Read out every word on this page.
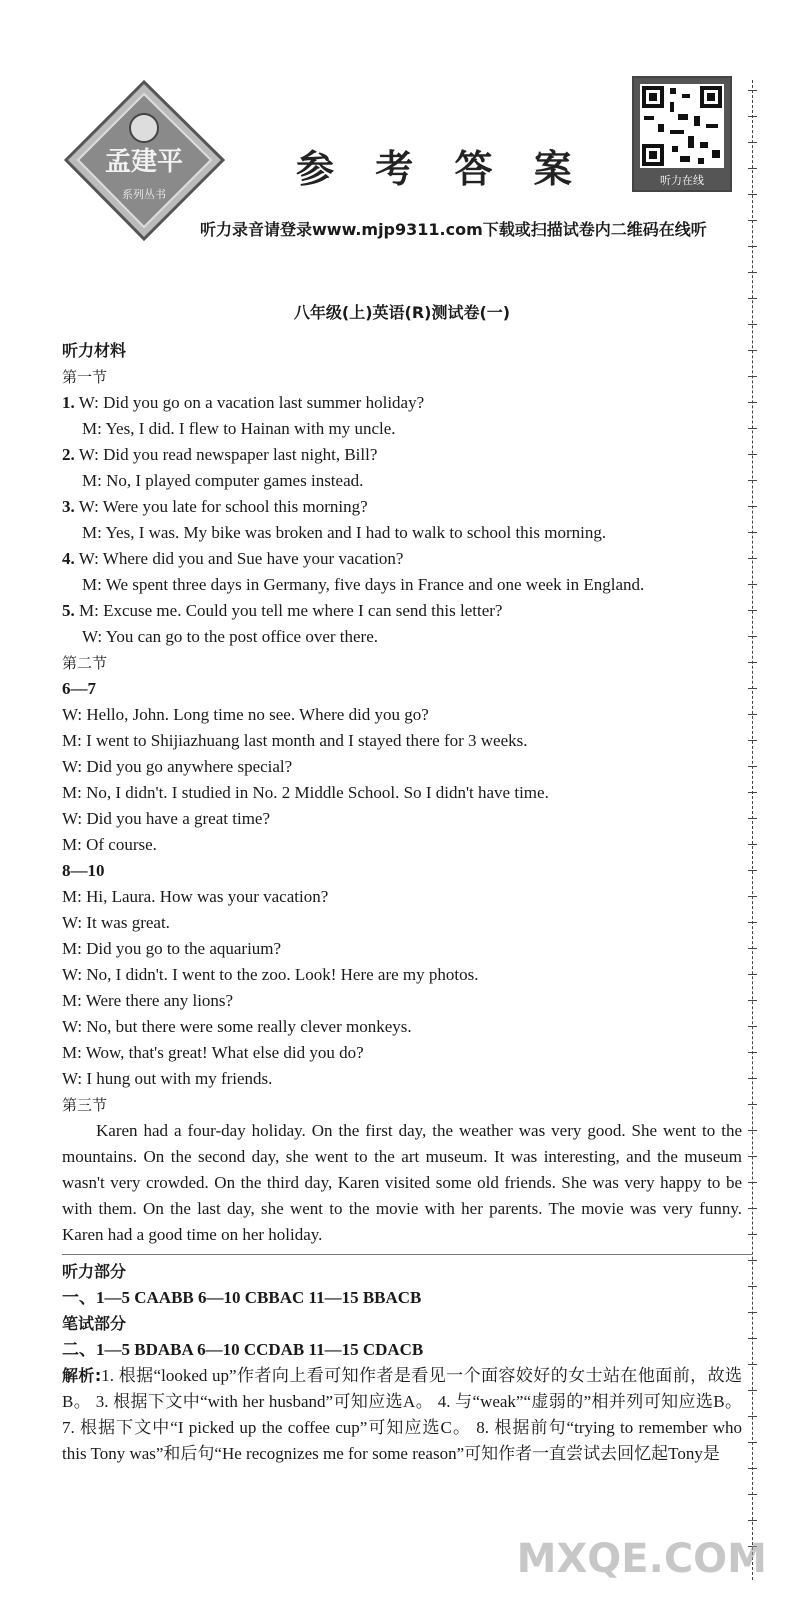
孟建平
系列丛书
参 考 答 案	听力在线
听力录音请登录www.mjp9311.com下载或扫描试卷内二维码在线听
八年级(上)英语(R)测试卷(一)
听力材料
第一节
1. W: Did you go on a vacation last summer holiday?
M: Yes, I did. I flew to Hainan with my uncle.
2. W: Did you read newspaper last night, Bill?
M: No, I played computer games instead.
3. W: Were you late for school this morning?
M: Yes, I was. My bike was broken and I had to walk to school this morning.
4. W: Where did you and Sue have your vacation?
M: We spent three days in Germany, five days in France and one week in England.
5. M: Excuse me. Could you tell me where I can send this letter?
W: You can go to the post office over there.
第二节
6—7
W: Hello, John. Long time no see. Where did you go?
M: I went to Shijiazhuang last month and I stayed there for 3 weeks.
W: Did you go anywhere special?
M: No, I didn't. I studied in No. 2 Middle School. So I didn't have time.
W: Did you have a great time?
M: Of course.
8—10
M: Hi, Laura. How was your vacation?
W: It was great.
M: Did you go to the aquarium?
W: No, I didn't. I went to the zoo. Look! Here are my photos.
M: Were there any lions?
W: No, but there were some really clever monkeys.
M: Wow, that's great! What else did you do?
W: I hung out with my friends.
第三节
Karen had a four-day holiday. On the first day, the weather was very good. She went to the mountains. On the second day, she went to the art museum. It was interesting, and the museum wasn't very crowded. On the third day, Karen visited some old friends. She was very happy to be with them. On the last day, she went to the movie with her parents. The movie was very funny. Karen had a good time on her holiday.
听力部分
一、1—5 CAABB 6—10 CBBAC 11—15 BBACB
笔试部分
二、1—5 BDABA 6—10 CCDAB 11—15 CDACB
解析:1. 根据“looked up”作者向上看可知作者是看见一个面容姣好的女士站在他面前，故选B。 3. 根据下文中“with her husband”可知应选A。 4. 与“weak”“虚弱的”相并列可知应选B。 7. 根据下文中“I picked up the coffee cup”可知应选C。 8. 根据前句“trying to remember who this Tony was”和后句“He recognizes me for some reason”可知作者一直尝试去回忆起Tony是
MXQE.COM
